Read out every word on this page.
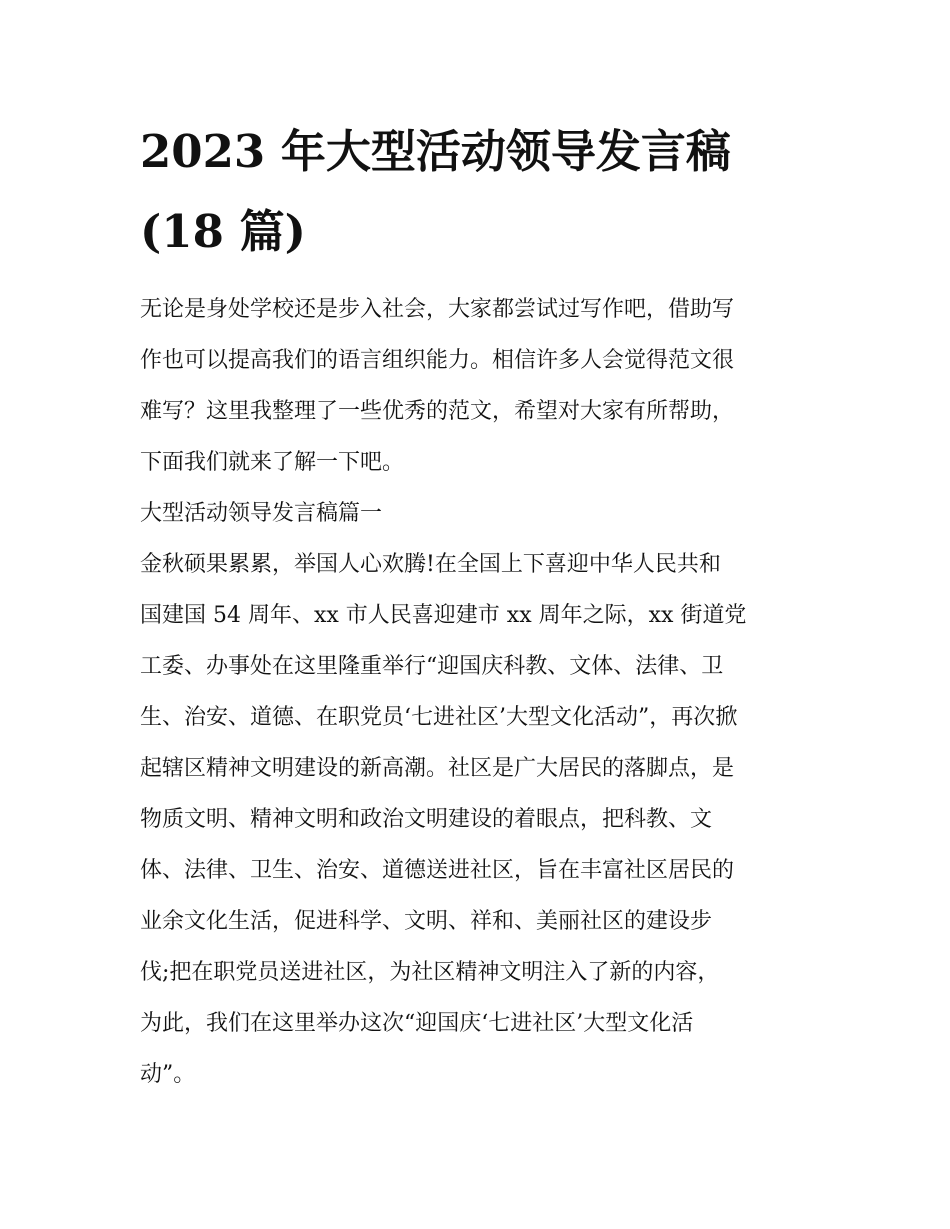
2023 年大型活动领导发言稿
(18 篇)
无论是身处学校还是步入社会，大家都尝试过写作吧，借助写
作也可以提高我们的语言组织能力。相信许多人会觉得范文很
难写？这里我整理了一些优秀的范文，希望对大家有所帮助，
下面我们就来了解一下吧。
大型活动领导发言稿篇一
金秋硕果累累，举国人心欢腾!在全国上下喜迎中华人民共和
国建国 54 周年、xx 市人民喜迎建市 xx 周年之际，xx 街道党
工委、办事处在这里隆重举行“迎国庆科教、文体、法律、卫
生、治安、道德、在职党员‘七进社区’大型文化活动”，再次掀
起辖区精神文明建设的新高潮。社区是广大居民的落脚点，是
物质文明、精神文明和政治文明建设的着眼点，把科教、文
体、法律、卫生、治安、道德送进社区，旨在丰富社区居民的
业余文化生活，促进科学、文明、祥和、美丽社区的建设步
伐;把在职党员送进社区，为社区精神文明注入了新的内容，
为此，我们在这里举办这次“迎国庆‘七进社区’大型文化活
动”。
